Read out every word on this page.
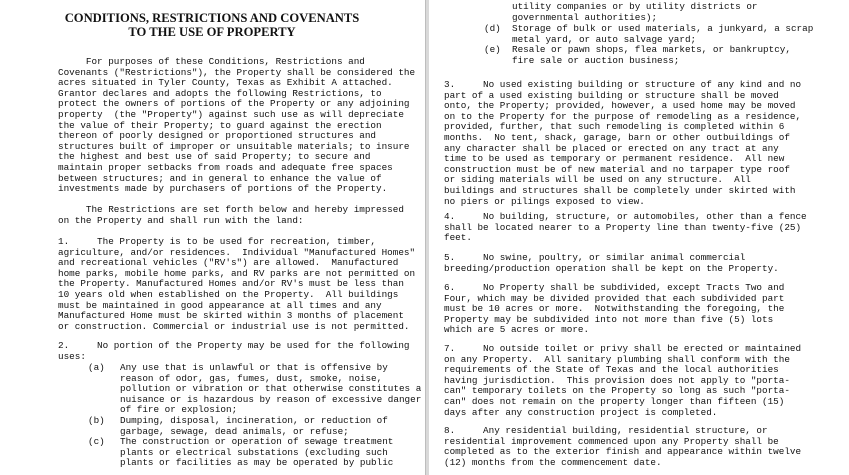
CONDITIONS, RESTRICTIONS AND COVENANTS
TO THE USE OF PROPERTY
For purposes of these Conditions, Restrictions and
Covenants ("Restrictions"), the Property shall be considered the
acres situated in Tyler County, Texas as Exhibit A attached.
Grantor declares and adopts the following Restrictions, to
protect the owners of portions of the Property or any adjoining
property  (the "Property") against such use as will depreciate
the value of their Property; to guard against the erection
thereon of poorly designed or proportioned structures and
structures built of improper or unsuitable materials; to insure
the highest and best use of said Property; to secure and
maintain proper setbacks from roads and adequate free spaces
between structures; and in general to enhance the value of
investments made by purchasers of portions of the Property.
The Restrictions are set forth below and hereby impressed
on the Property and shall run with the land:
1.     The Property is to be used for recreation, timber,
agriculture, and/or residences.  Individual "Manufactured Homes"
and recreational vehicles ("RV's") are allowed.  Manufactured
home parks, mobile home parks, and RV parks are not permitted on
the Property. Manufactured Homes and/or RV's must be less than
10 years old when established on the Property.  All buildings
must be maintained in good appearance at all times and any
Manufactured Home must be skirted within 3 months of placement
or construction. Commercial or industrial use is not permitted.
2.     No portion of the Property may be used for the following
uses:
(a) Any use that is unlawful or that is offensive by
reason of odor, gas, fumes, dust, smoke, noise,
pollution or vibration or that otherwise constitutes a
nuisance or is hazardous by reason of excessive danger
of fire or explosion;
(b) Dumping, disposal, incineration, or reduction of
garbage, sewage, dead animals, or refuse;
(c) The construction or operation of sewage treatment
plants or electrical substations (excluding such
plants or facilities as may be operated by public
utility companies or by utility districts or
governmental authorities);
(d) Storage of bulk or used materials, a junkyard, a scrap
metal yard, or auto salvage yard;
(e) Resale or pawn shops, flea markets, or bankruptcy,
fire sale or auction business;
3.     No used existing building or structure of any kind and no
part of a used existing building or structure shall be moved
onto, the Property; provided, however, a used home may be moved
on to the Property for the purpose of remodeling as a residence,
provided, further, that such remodeling is completed within 6
months.  No tent, shack, garage, barn or other outbuildings of
any character shall be placed or erected on any tract at any
time to be used as temporary or permanent residence.  All new
construction must be of new material and no tarpaper type roof
or siding materials will be used on any structure.  All
buildings and structures shall be completely under skirted with
no piers or pilings exposed to view.
4.     No building, structure, or automobiles, other than a fence
shall be located nearer to a Property line than twenty-five (25)
feet.
5.     No swine, poultry, or similar animal commercial
breeding/production operation shall be kept on the Property.
6.     No Property shall be subdivided, except Tracts Two and
Four, which may be divided provided that each subdivided part
must be 10 acres or more.  Notwithstanding the foregoing, the
Property may be subdivided into not more than five (5) lots
which are 5 acres or more.
7.     No outside toilet or privy shall be erected or maintained
on any Property.  All sanitary plumbing shall conform with the
requirements of the State of Texas and the local authorities
having jurisdiction.  This provision does not apply to "porta-
can" temporary toilets on the Property so long as such "porta-
can" does not remain on the property longer than fifteen (15)
days after any construction project is completed.
8.     Any residential building, residential structure, or
residential improvement commenced upon any Property shall be
completed as to the exterior finish and appearance within twelve
(12) months from the commencement date.
